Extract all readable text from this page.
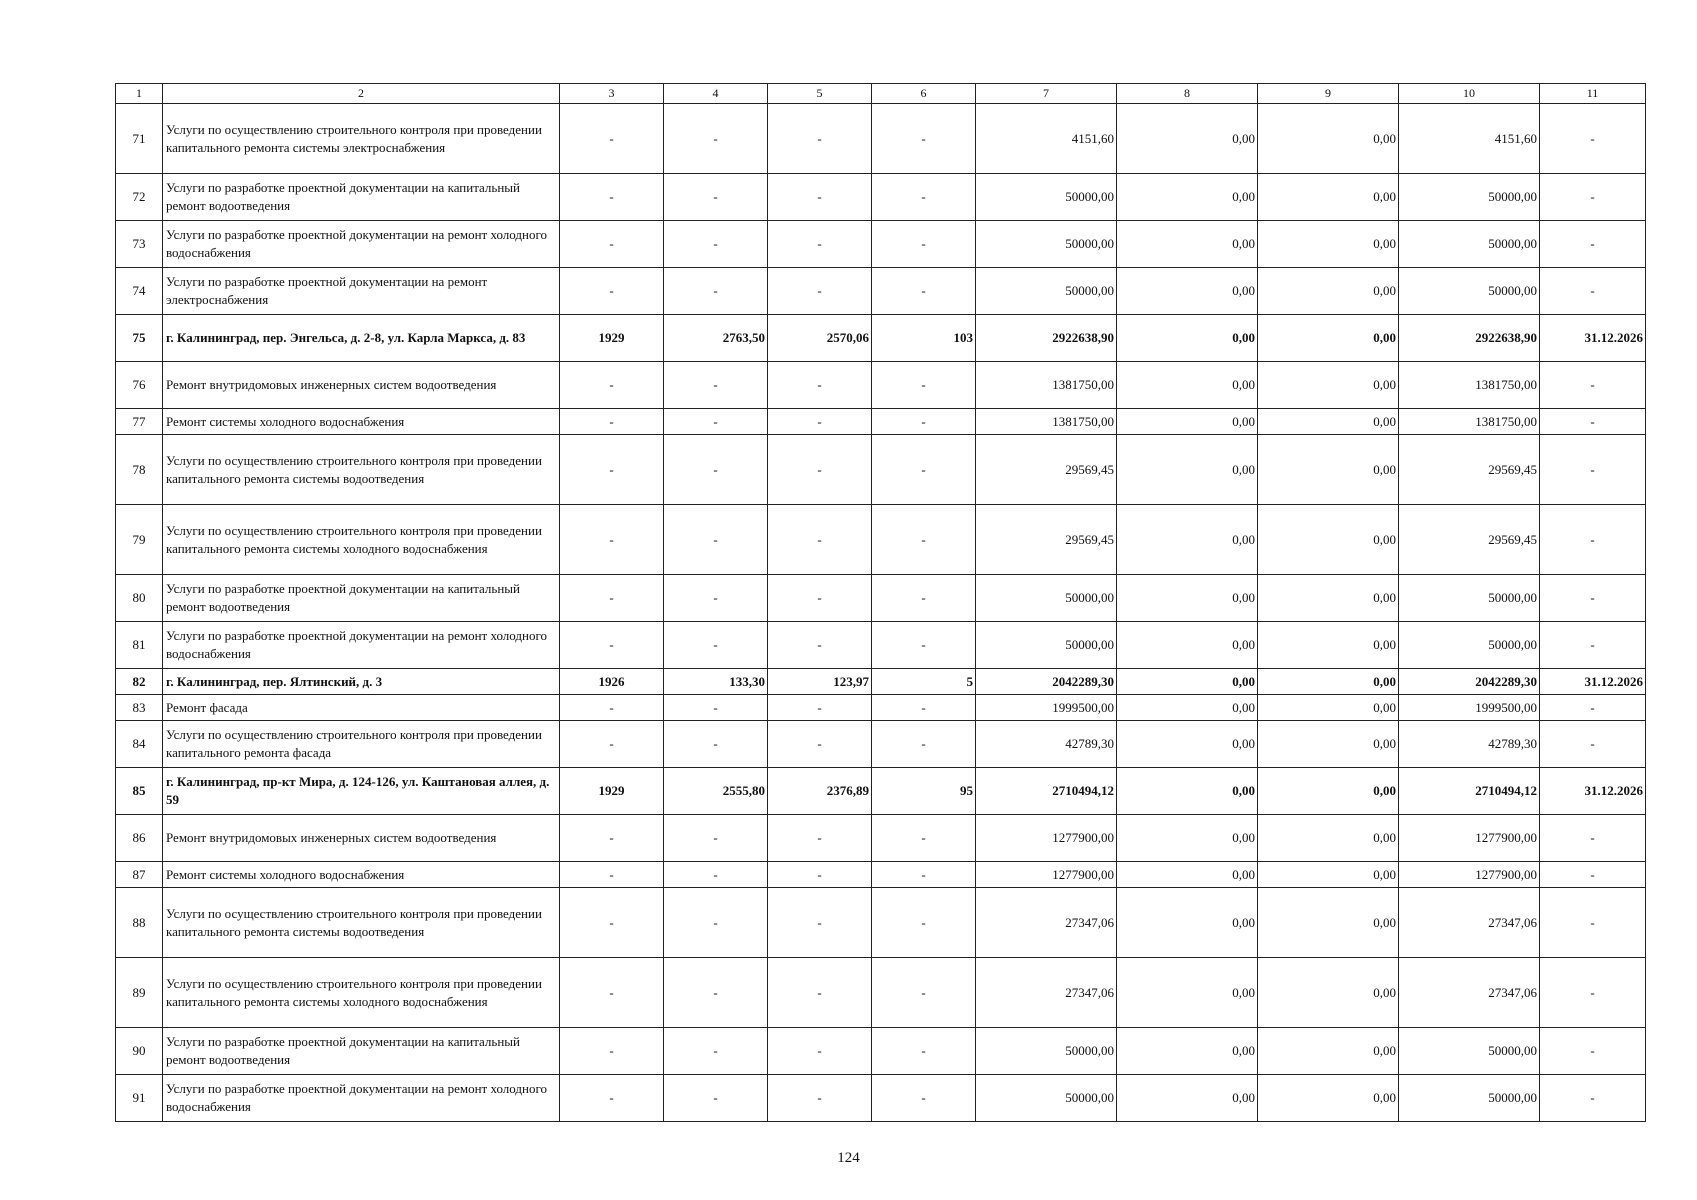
1	2	3	4	5	6	7	8	9	10	11
71	Услуги по осуществлению строительного контроля при проведении капитального ремонта системы электроснабжения	-	-	-	-	4151,60	0,00	0,00	4151,60	-
72	Услуги по разработке проектной документации на капитальный ремонт водоотведения	-	-	-	-	50000,00	0,00	0,00	50000,00	-
73	Услуги по разработке проектной документации на ремонт холодного водоснабжения	-	-	-	-	50000,00	0,00	0,00	50000,00	-
74	Услуги по разработке проектной документации на ремонт электроснабжения	-	-	-	-	50000,00	0,00	0,00	50000,00	-
75	г. Калининград, пер. Энгельса, д. 2-8, ул. Карла Маркса, д. 83	1929	2763,50	2570,06	103	2922638,90	0,00	0,00	2922638,90	31.12.2026
76	Ремонт внутридомовых инженерных систем водоотведения	-	-	-	-	1381750,00	0,00	0,00	1381750,00	-
77	Ремонт системы холодного водоснабжения	-	-	-	-	1381750,00	0,00	0,00	1381750,00	-
78	Услуги по осуществлению строительного контроля при проведении капитального ремонта системы водоотведения	-	-	-	-	29569,45	0,00	0,00	29569,45	-
79	Услуги по осуществлению строительного контроля при проведении капитального ремонта системы холодного водоснабжения	-	-	-	-	29569,45	0,00	0,00	29569,45	-
80	Услуги по разработке проектной документации на капитальный ремонт водоотведения	-	-	-	-	50000,00	0,00	0,00	50000,00	-
81	Услуги по разработке проектной документации на ремонт холодного водоснабжения	-	-	-	-	50000,00	0,00	0,00	50000,00	-
82	г. Калининград, пер. Ялтинский, д. 3	1926	133,30	123,97	5	2042289,30	0,00	0,00	2042289,30	31.12.2026
83	Ремонт фасада	-	-	-	-	1999500,00	0,00	0,00	1999500,00	-
84	Услуги по осуществлению строительного контроля при проведении капитального ремонта фасада	-	-	-	-	42789,30	0,00	0,00	42789,30	-
85	г. Калининград, пр-кт Мира, д. 124-126, ул. Каштановая аллея, д. 59	1929	2555,80	2376,89	95	2710494,12	0,00	0,00	2710494,12	31.12.2026
86	Ремонт внутридомовых инженерных систем водоотведения	-	-	-	-	1277900,00	0,00	0,00	1277900,00	-
87	Ремонт системы холодного водоснабжения	-	-	-	-	1277900,00	0,00	0,00	1277900,00	-
88	Услуги по осуществлению строительного контроля при проведении капитального ремонта системы водоотведения	-	-	-	-	27347,06	0,00	0,00	27347,06	-
89	Услуги по осуществлению строительного контроля при проведении капитального ремонта системы холодного водоснабжения	-	-	-	-	27347,06	0,00	0,00	27347,06	-
90	Услуги по разработке проектной документации на капитальный ремонт водоотведения	-	-	-	-	50000,00	0,00	0,00	50000,00	-
91	Услуги по разработке проектной документации на ремонт холодного водоснабжения	-	-	-	-	50000,00	0,00	0,00	50000,00	-
124
